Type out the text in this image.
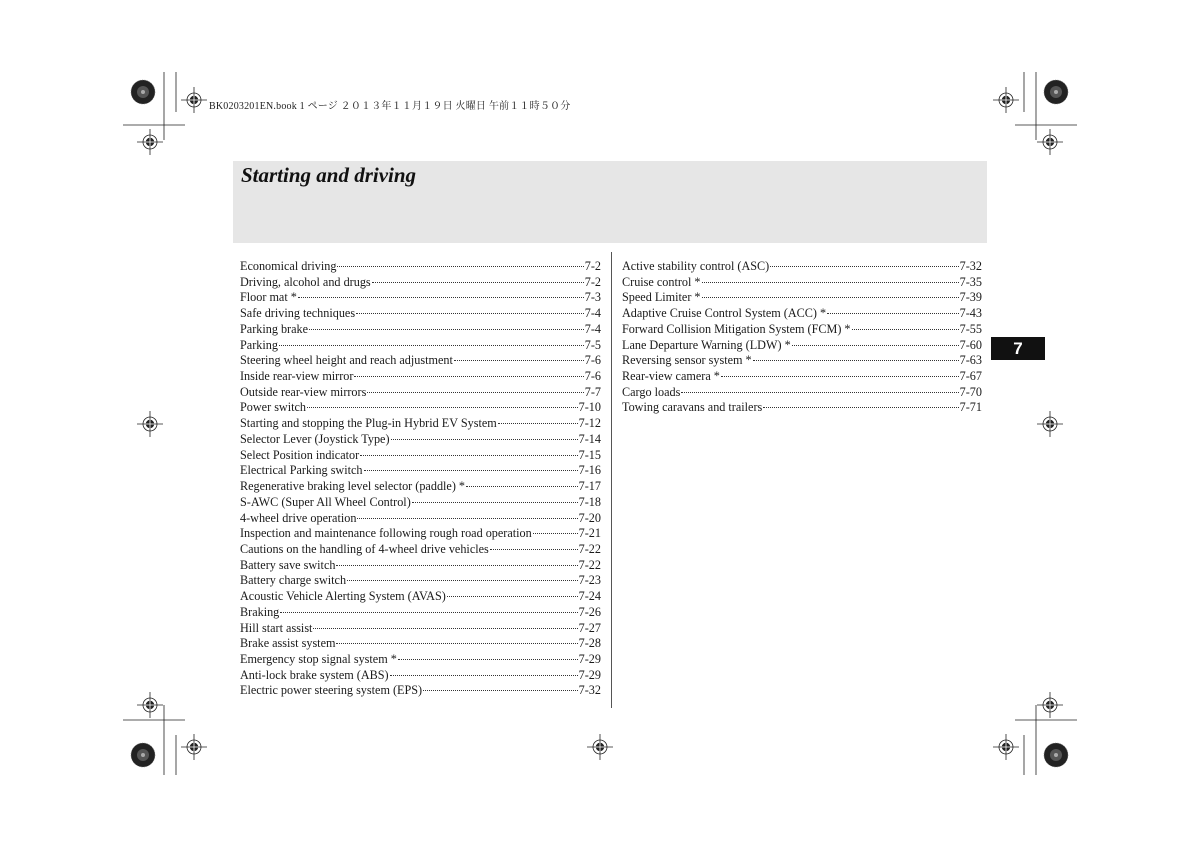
BK0203201EN.book 1 ページ ２０１３年１１月１９日 火曜日 午前１１時５０分
Starting and driving
Economical driving	7-2
Driving, alcohol and drugs	7-2
Floor mat *	7-3
Safe driving techniques	7-4
Parking brake	7-4
Parking	7-5
Steering wheel height and reach adjustment	7-6
Inside rear-view mirror	7-6
Outside rear-view mirrors	7-7
Power switch	7-10
Starting and stopping the Plug-in Hybrid EV System	7-12
Selector Lever (Joystick Type)	7-14
Select Position indicator	7-15
Electrical Parking switch	7-16
Regenerative braking level selector (paddle) *	7-17
S-AWC (Super All Wheel Control)	7-18
4-wheel drive operation	7-20
Inspection and maintenance following rough road operation	7-21
Cautions on the handling of 4-wheel drive vehicles	7-22
Battery save switch	7-22
Battery charge switch	7-23
Acoustic Vehicle Alerting System (AVAS)	7-24
Braking	7-26
Hill start assist	7-27
Brake assist system	7-28
Emergency stop signal system *	7-29
Anti-lock brake system (ABS)	7-29
Electric power steering system (EPS)	7-32
Active stability control (ASC)	7-32
Cruise control *	7-35
Speed Limiter *	7-39
Adaptive Cruise Control System (ACC) *	7-43
Forward Collision Mitigation System (FCM) *	7-55
Lane Departure Warning (LDW) *	7-60
Reversing sensor system *	7-63
Rear-view camera *	7-67
Cargo loads	7-70
Towing caravans and trailers	7-71
7
